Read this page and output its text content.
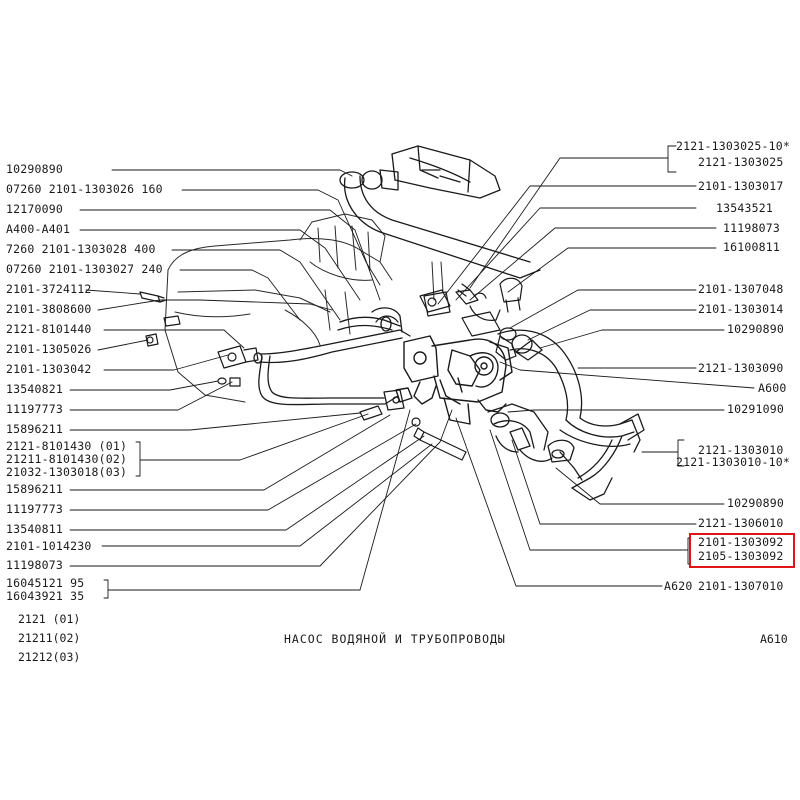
10290890
07260 2101-1303026 160
12170090
A400-A401
7260 2101-1303028 400
07260 2101-1303027 240
2101-3724112
2101-3808600
2121-8101440
2101-1305026
2101-1303042
13540821
11197773
15896211
2121-8101430 (01)
21211-8101430(02)
21032-1303018(03)
15896211
11197773
13540811
2101-1014230
11198073
16045121 95
16043921 35
2121-1303025-10*
2121-1303025
2101-1303017
13543521
11198073
16100811
2101-1307048
2101-1303014
10290890
2121-1303090
A600
10291090
2121-1303010
2121-1303010-10*
10290890
2121-1306010
2101-1303092
2105-1303092
A620 2101-1307010
2121 (01)
21211(02)
21212(03)
НАСОС ВОДЯНОЙ И ТРУБОПРОВОДЫ	A610
